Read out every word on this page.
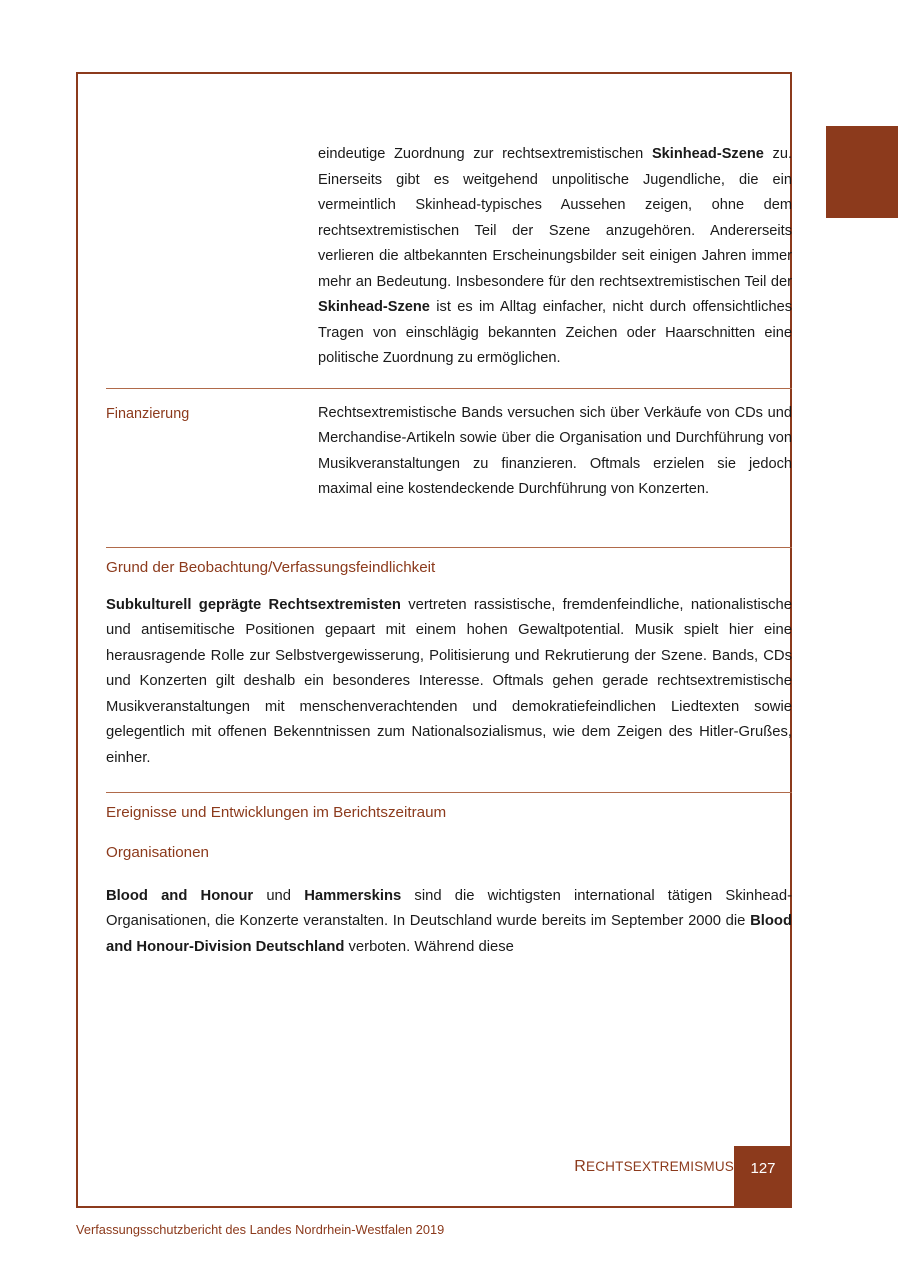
eindeutige Zuordnung zur rechtsextremistischen Skinhead-Szene zu. Einerseits gibt es weitgehend unpolitische Jugendliche, die ein vermeintlich Skinhead-typisches Aussehen zeigen, ohne dem rechtsextremistischen Teil der Szene anzugehören. Andererseits verlieren die altbekannten Erscheinungsbilder seit einigen Jahren immer mehr an Bedeutung. Insbesondere für den rechtsextremistischen Teil der Skinhead-Szene ist es im Alltag einfacher, nicht durch offensichtliches Tragen von einschlägig bekannten Zeichen oder Haarschnitten eine politische Zuordnung zu ermöglichen.
Finanzierung	Rechtsextremistische Bands versuchen sich über Verkäufe von CDs und Merchandise-Artikeln sowie über die Organisation und Durchführung von Musikveranstaltungen zu finanzieren. Oftmals erzielen sie jedoch maximal eine kostendeckende Durchführung von Konzerten.
Grund der Beobachtung/Verfassungsfeindlichkeit
Subkulturell geprägte Rechtsextremisten vertreten rassistische, fremdenfeindliche, nationalistische und antisemitische Positionen gepaart mit einem hohen Gewaltpotential. Musik spielt hier eine herausragende Rolle zur Selbstvergewisserung, Politisierung und Rekrutierung der Szene. Bands, CDs und Konzerten gilt deshalb ein besonderes Interesse. Oftmals gehen gerade rechtsextremistische Musikveranstaltungen mit menschenverachtenden und demokratiefeindlichen Liedtexten sowie gelegentlich mit offenen Bekenntnissen zum Nationalsozialismus, wie dem Zeigen des Hitler-Grußes, einher.
Ereignisse und Entwicklungen im Berichtszeitraum
Organisationen
Blood and Honour und Hammerskins sind die wichtigsten international tätigen Skinhead-Organisationen, die Konzerte veranstalten. In Deutschland wurde bereits im September 2000 die Blood and Honour-Division Deutschland verboten. Während diese
RECHTSEXTREMISMUS 127
Verfassungsschutzbericht des Landes Nordrhein-Westfalen 2019
